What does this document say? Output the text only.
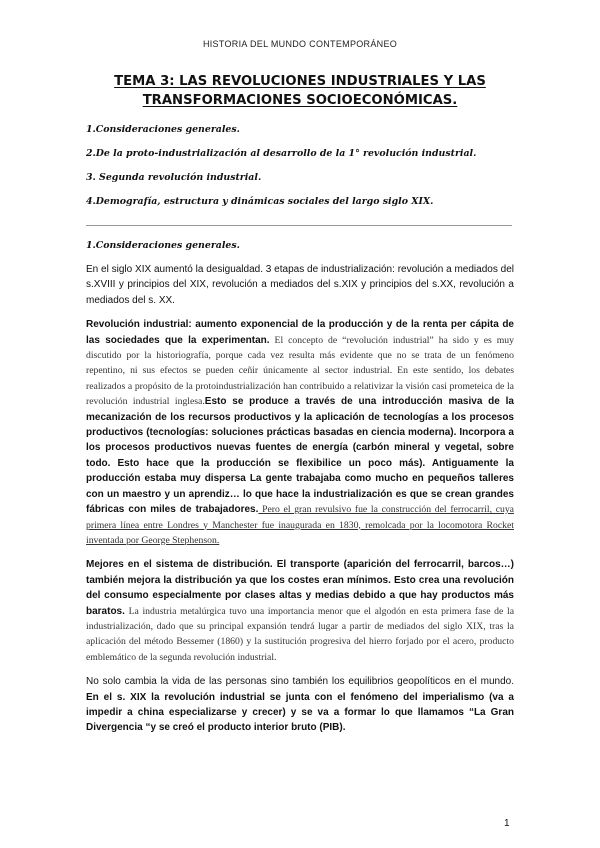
HISTORIA DEL MUNDO CONTEMPORÁNEO
TEMA 3: LAS REVOLUCIONES INDUSTRIALES Y LAS
TRANSFORMACIONES SOCIOECONÓMICAS.
1.Consideraciones generales.
2.De la proto-industrialización al desarrollo de la 1° revolución industrial.
3. Segunda revolución industrial.
4.Demografía, estructura y dinámicas sociales del largo siglo XIX.
1.Consideraciones generales.

En el siglo XIX aumentó la desigualdad. 3 etapas de industrialización: revolución a mediados del s.XVIII y principios del XIX, revolución a mediados del s.XIX y principios del s.XX, revolución a mediados del s. XX.

Revolución industrial: aumento exponencial de la producción y de la renta per cápita de las sociedades que la experimentan. El concepto de “revolución industrial” ha sido y es muy discutido por la historiografía, porque cada vez resulta más evidente que no se trata de un fenómeno repentino, ni sus efectos se pueden ceñir únicamente al sector industrial. En este sentido, los debates realizados a propósito de la protoindustrialización han contribuido a relativizar la visión casi prometeica de la revolución industrial inglesa.Esto se produce a través de una introducción masiva de la mecanización de los recursos productivos y la aplicación de tecnologías a los procesos productivos (tecnologías: soluciones prácticas basadas en ciencia moderna). Incorpora a los procesos productivos nuevas fuentes de energía (carbón mineral y vegetal, sobre todo. Esto hace que la producción se flexibilice un poco más). Antiguamente la producción estaba muy dispersa La gente trabajaba como mucho en pequeños talleres con un maestro y un aprendiz… lo que hace la industrialización es que se crean grandes fábricas con miles de trabajadores. Pero el gran revulsivo fue la construcción del ferrocarril, cuya primera línea entre Londres y Manchester fue inaugurada en 1830, remolcada por la locomotora Rocket inventada por George Stephenson.

Mejores en el sistema de distribución. El transporte (aparición del ferrocarril, barcos…) también mejora la distribución ya que los costes eran mínimos. Esto crea una revolución del consumo especialmente por clases altas y medias debido a que hay productos más baratos. La industria metalúrgica tuvo una importancia menor que el algodón en esta primera fase de la industrialización, dado que su principal expansión tendrá lugar a partir de mediados del siglo XIX, tras la aplicación del método Bessemer (1860) y la sustitución progresiva del hierro forjado por el acero, producto emblemático de la segunda revolución industrial.

No solo cambia la vida de las personas sino también los equilibrios geopolíticos en el mundo. En el s. XIX la revolución industrial se junta con el fenómeno del imperialismo (va a impedir a china especializarse y crecer) y se va a formar lo que llamamos “La Gran Divergencia “y se creó el producto interior bruto (PIB).

1
